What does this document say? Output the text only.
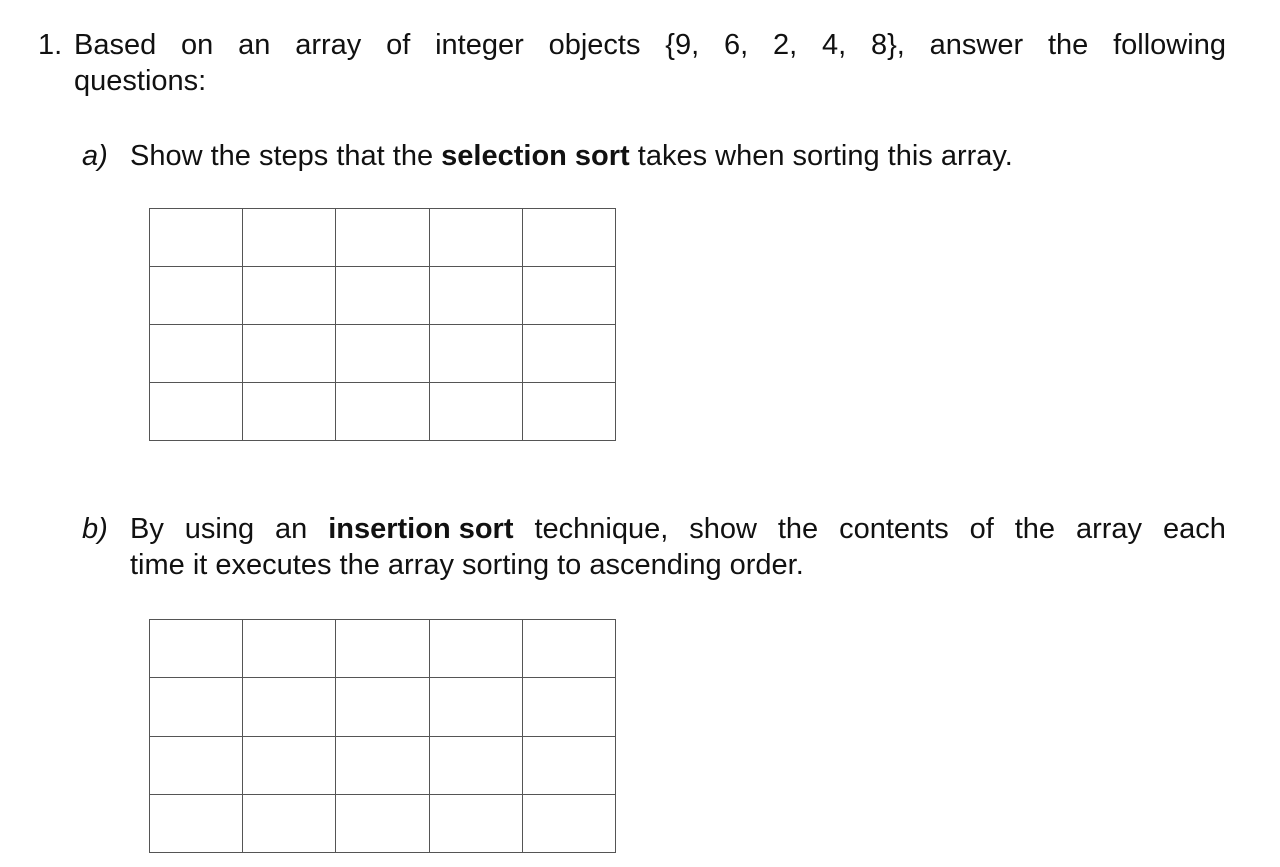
1. Based on an array of integer objects {9, 6, 2, 4, 8}, answer the following
questions:
a) Show the steps that the selection sort takes when sorting this array.

b) By using an insertion sort technique, show the contents of the array each
time it executes the array sorting to ascending order.
